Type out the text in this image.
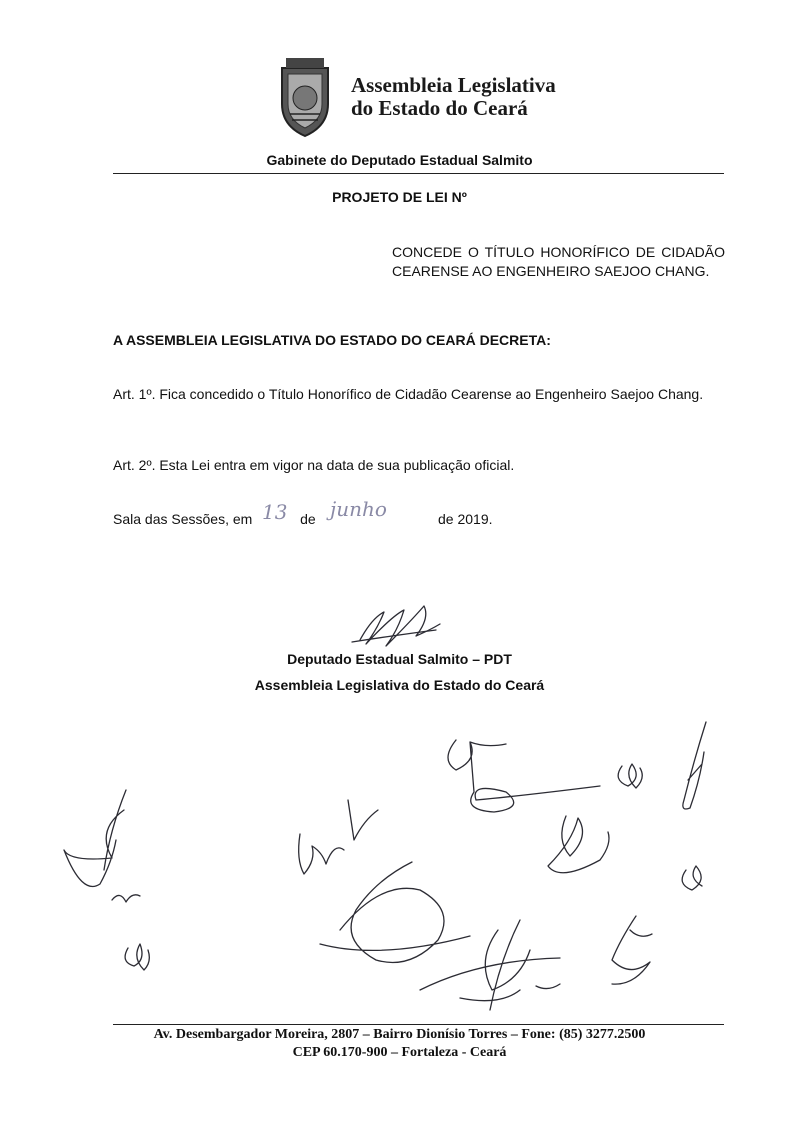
Assembleia Legislativa
do Estado do Ceará
Gabinete do Deputado Estadual Salmito
PROJETO DE LEI Nº
CONCEDE O TÍTULO HONORÍFICO DE CIDADÃO CEARENSE AO ENGENHEIRO SAEJOO CHANG.
A ASSEMBLEIA LEGISLATIVA DO ESTADO DO CEARÁ DECRETA:
Art. 1º. Fica concedido o Título Honorífico de Cidadão Cearense ao Engenheiro Saejoo Chang.
Art. 2º. Esta Lei entra em vigor na data de sua publicação oficial.
Sala das Sessões, em	de
13 junho	de 2019.
Deputado Estadual Salmito – PDT
Assembleia Legislativa do Estado do Ceará
Av. Desembargador Moreira, 2807 – Bairro Dionísio Torres – Fone: (85) 3277.2500
CEP 60.170-900 – Fortaleza - Ceará
